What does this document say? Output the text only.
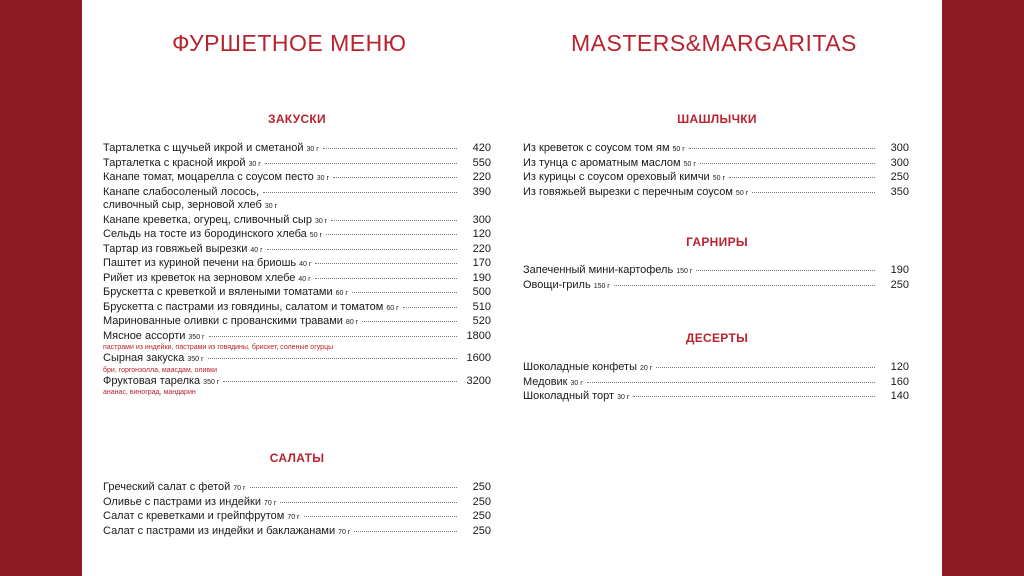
ФУРШЕТНОЕ МЕНЮ	MASTERS&MARGARITAS
ЗАКУСКИ
Тарталетка с щучьей икрой и сметаной 30 г	420
Тарталетка с красной икрой 30 г	550
Канапе томат, моцарелла с соусом песто 30 г	220
Канапе слабосоленый лосось,	390
сливочный сыр, зерновой хлеб 30 г
Канапе креветка, огурец, сливочный сыр 30 г	300
Сельдь на тосте из бородинского хлеба 50 г	120
Тартар из говяжьей вырезки 40 г	220
Паштет из куриной печени на бриошь 40 г	170
Рийет из креветок на зерновом хлебе 40 г	190
Брускетта с креветкой и вялеными томатами 60 г	500
Брускетта с пастрами из говядины, салатом и томатом 60 г	510
Маринованные оливки с прованскими травами 80 г	520
Мясное ассорти 350 г	1800
пастрами из индейки, пастрами из говядины, брискет, соленые огурцы
Сырная закуска 350 г	1600
бри, горгонзолла, маасдам, оливки
Фруктовая тарелка 350 г	3200
ананас, виноград, мандарин
САЛАТЫ
Греческий салат с фетой 70 г	250
Оливье с пастрами из индейки 70 г	250
Салат с креветками и грейпфрутом 70 г	250
Салат с пастрами из индейки и баклажанами 70 г	250
ШАШЛЫЧКИ
Из креветок с соусом том ям 50 г	300
Из тунца с ароматным маслом 50 г	300
Из курицы с соусом ореховый кимчи 50 г	250
Из говяжьей вырезки с перечным соусом 50 г	350
ГАРНИРЫ
Запеченный мини-картофель 150 г	190
Овощи-гриль 150 г	250
ДЕСЕРТЫ
Шоколадные конфеты 20 г	120
Медовик 30 г	160
Шоколадный торт 30 г	140
